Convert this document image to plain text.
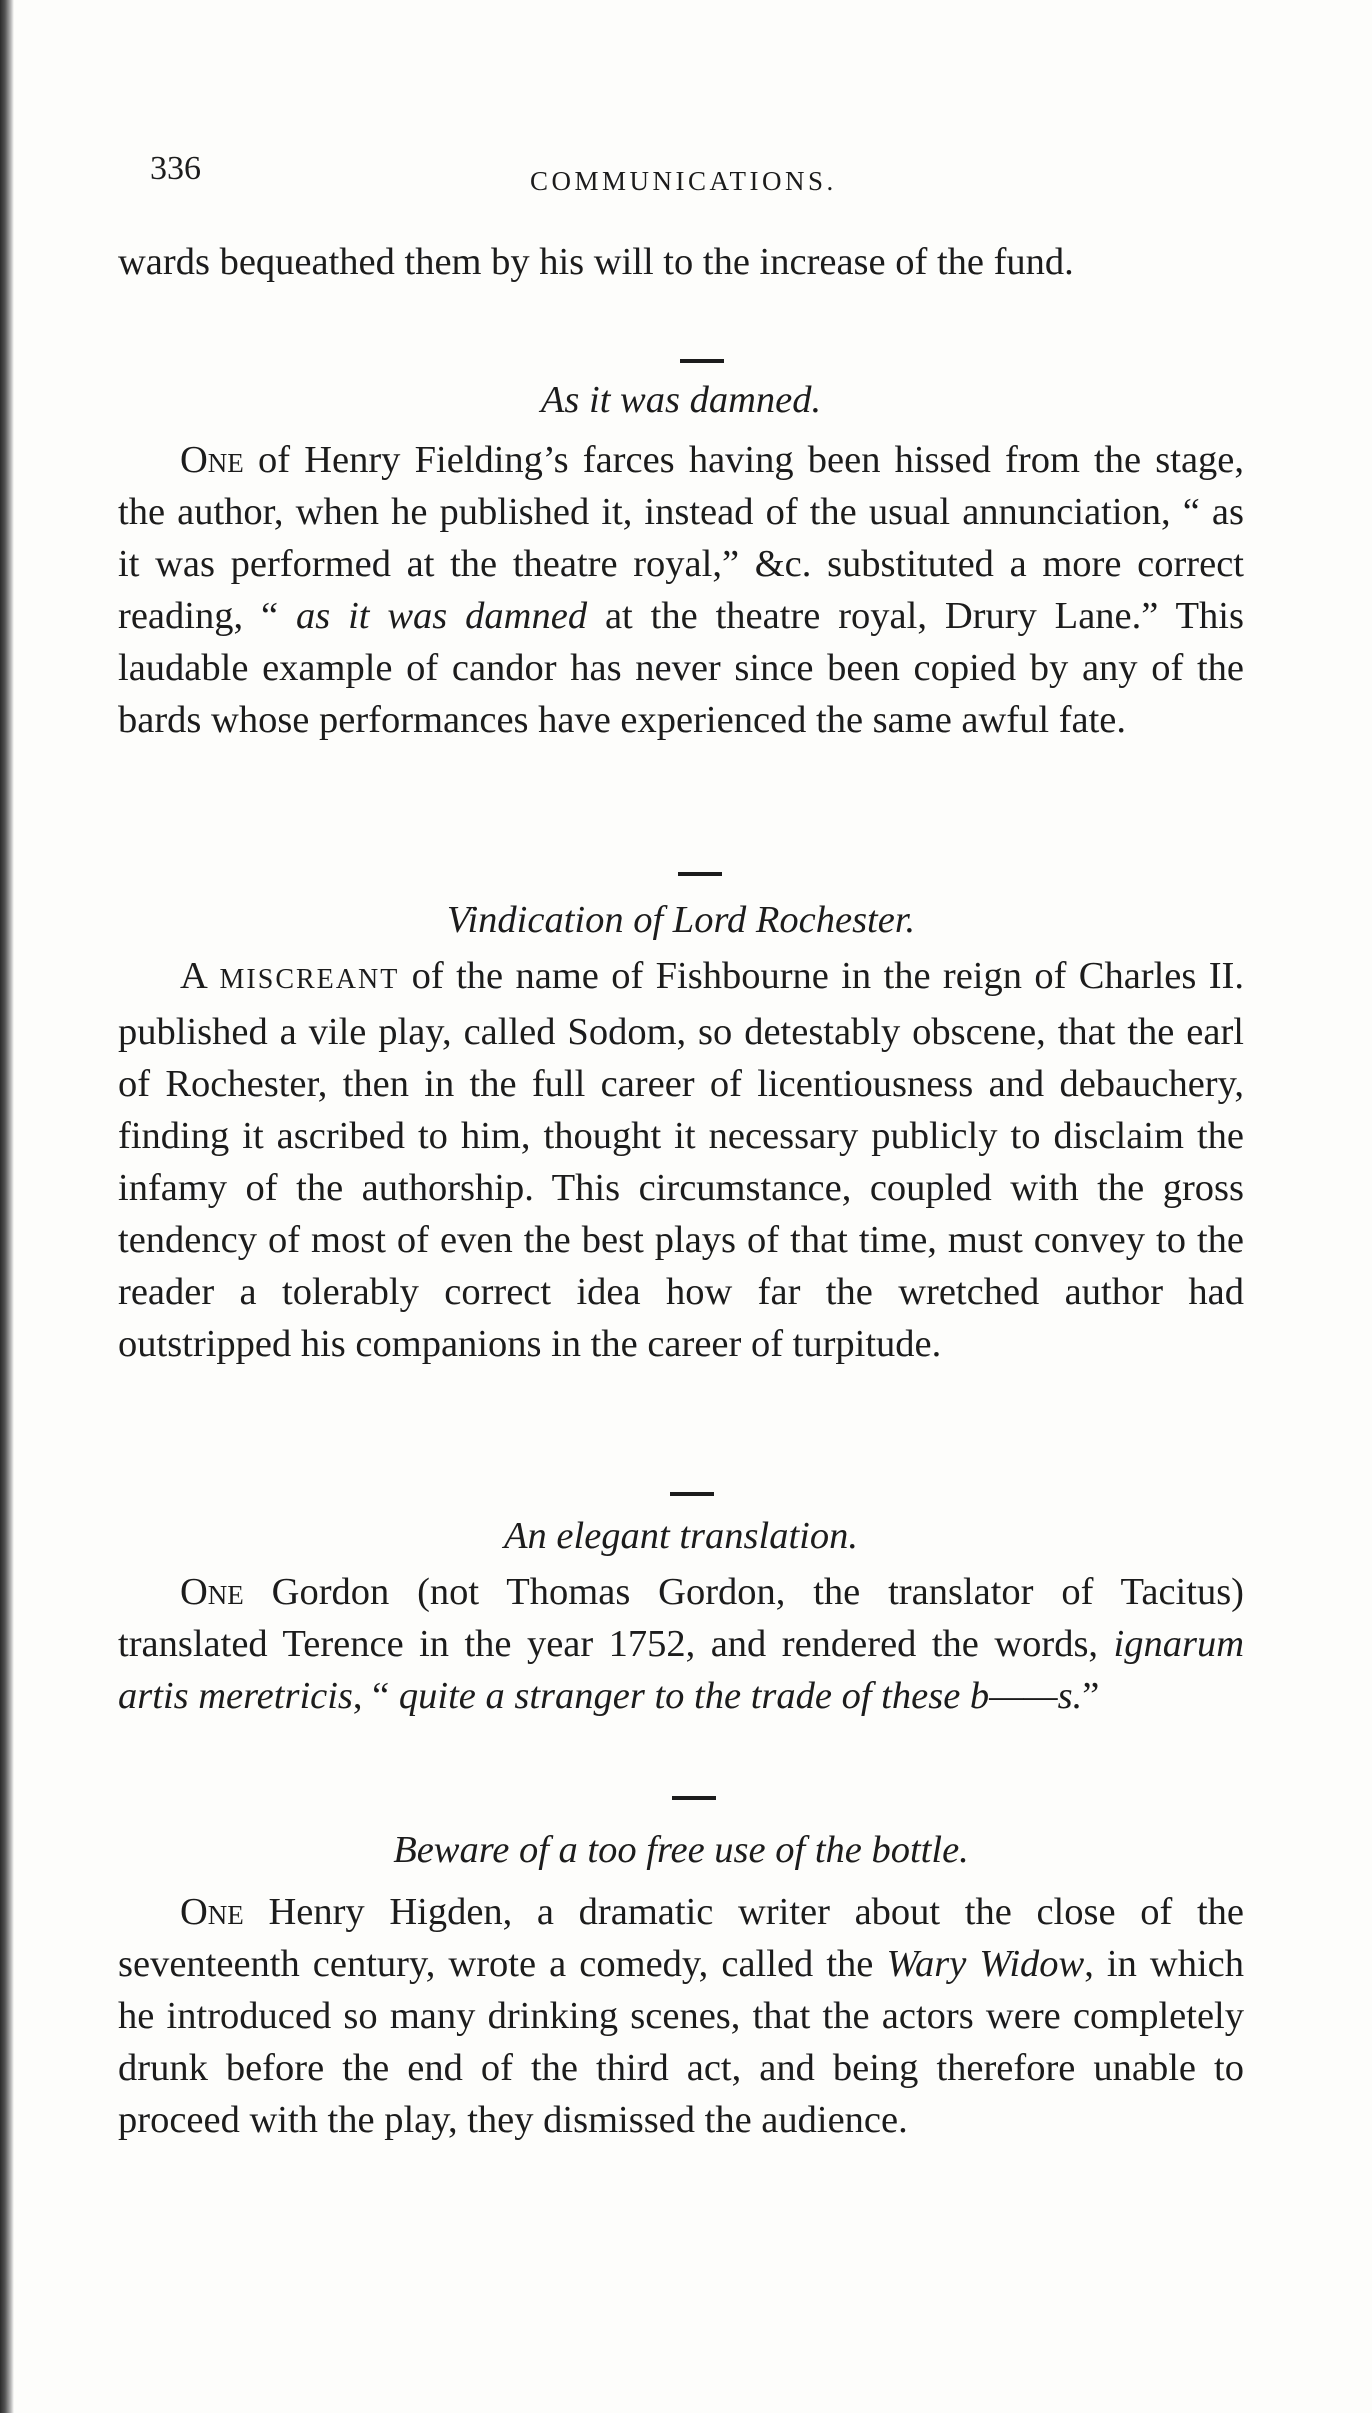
336	COMMUNICATIONS.

wards bequeathed them by his will to the increase of the fund.

As it was damned.

One of Henry Fielding’s farces having been hissed from the stage, the author, when he published it, instead of the usual annunciation, “ as it was performed at the theatre royal,” &c. substituted a more correct reading, “ as it was damned at the theatre royal, Drury Lane.” This laudable example of candor has never since been copied by any of the bards whose performances have experienced the same awful fate.

Vindication of Lord Rochester.

A MISCREANT of the name of Fishbourne in the reign of Charles II. published a vile play, called Sodom, so detestably obscene, that the earl of Rochester, then in the full career of licentiousness and debauchery, finding it ascribed to him, thought it necessary publicly to disclaim the infamy of the authorship. This circumstance, coupled with the gross tendency of most of even the best plays of that time, must convey to the reader a tolerably correct idea how far the wretched author had outstripped his companions in the career of turpitude.

An elegant translation.

One Gordon (not Thomas Gordon, the translator of Tacitus) translated Terence in the year 1752, and rendered the words, ignarum artis meretricis, “ quite a stranger to the trade of these b——s.”

Beware of a too free use of the bottle.

One Henry Higden, a dramatic writer about the close of the seventeenth century, wrote a comedy, called the Wary Widow, in which he introduced so many drinking scenes, that the actors were completely drunk before the end of the third act, and being therefore unable to proceed with the play, they dismissed the audience.
